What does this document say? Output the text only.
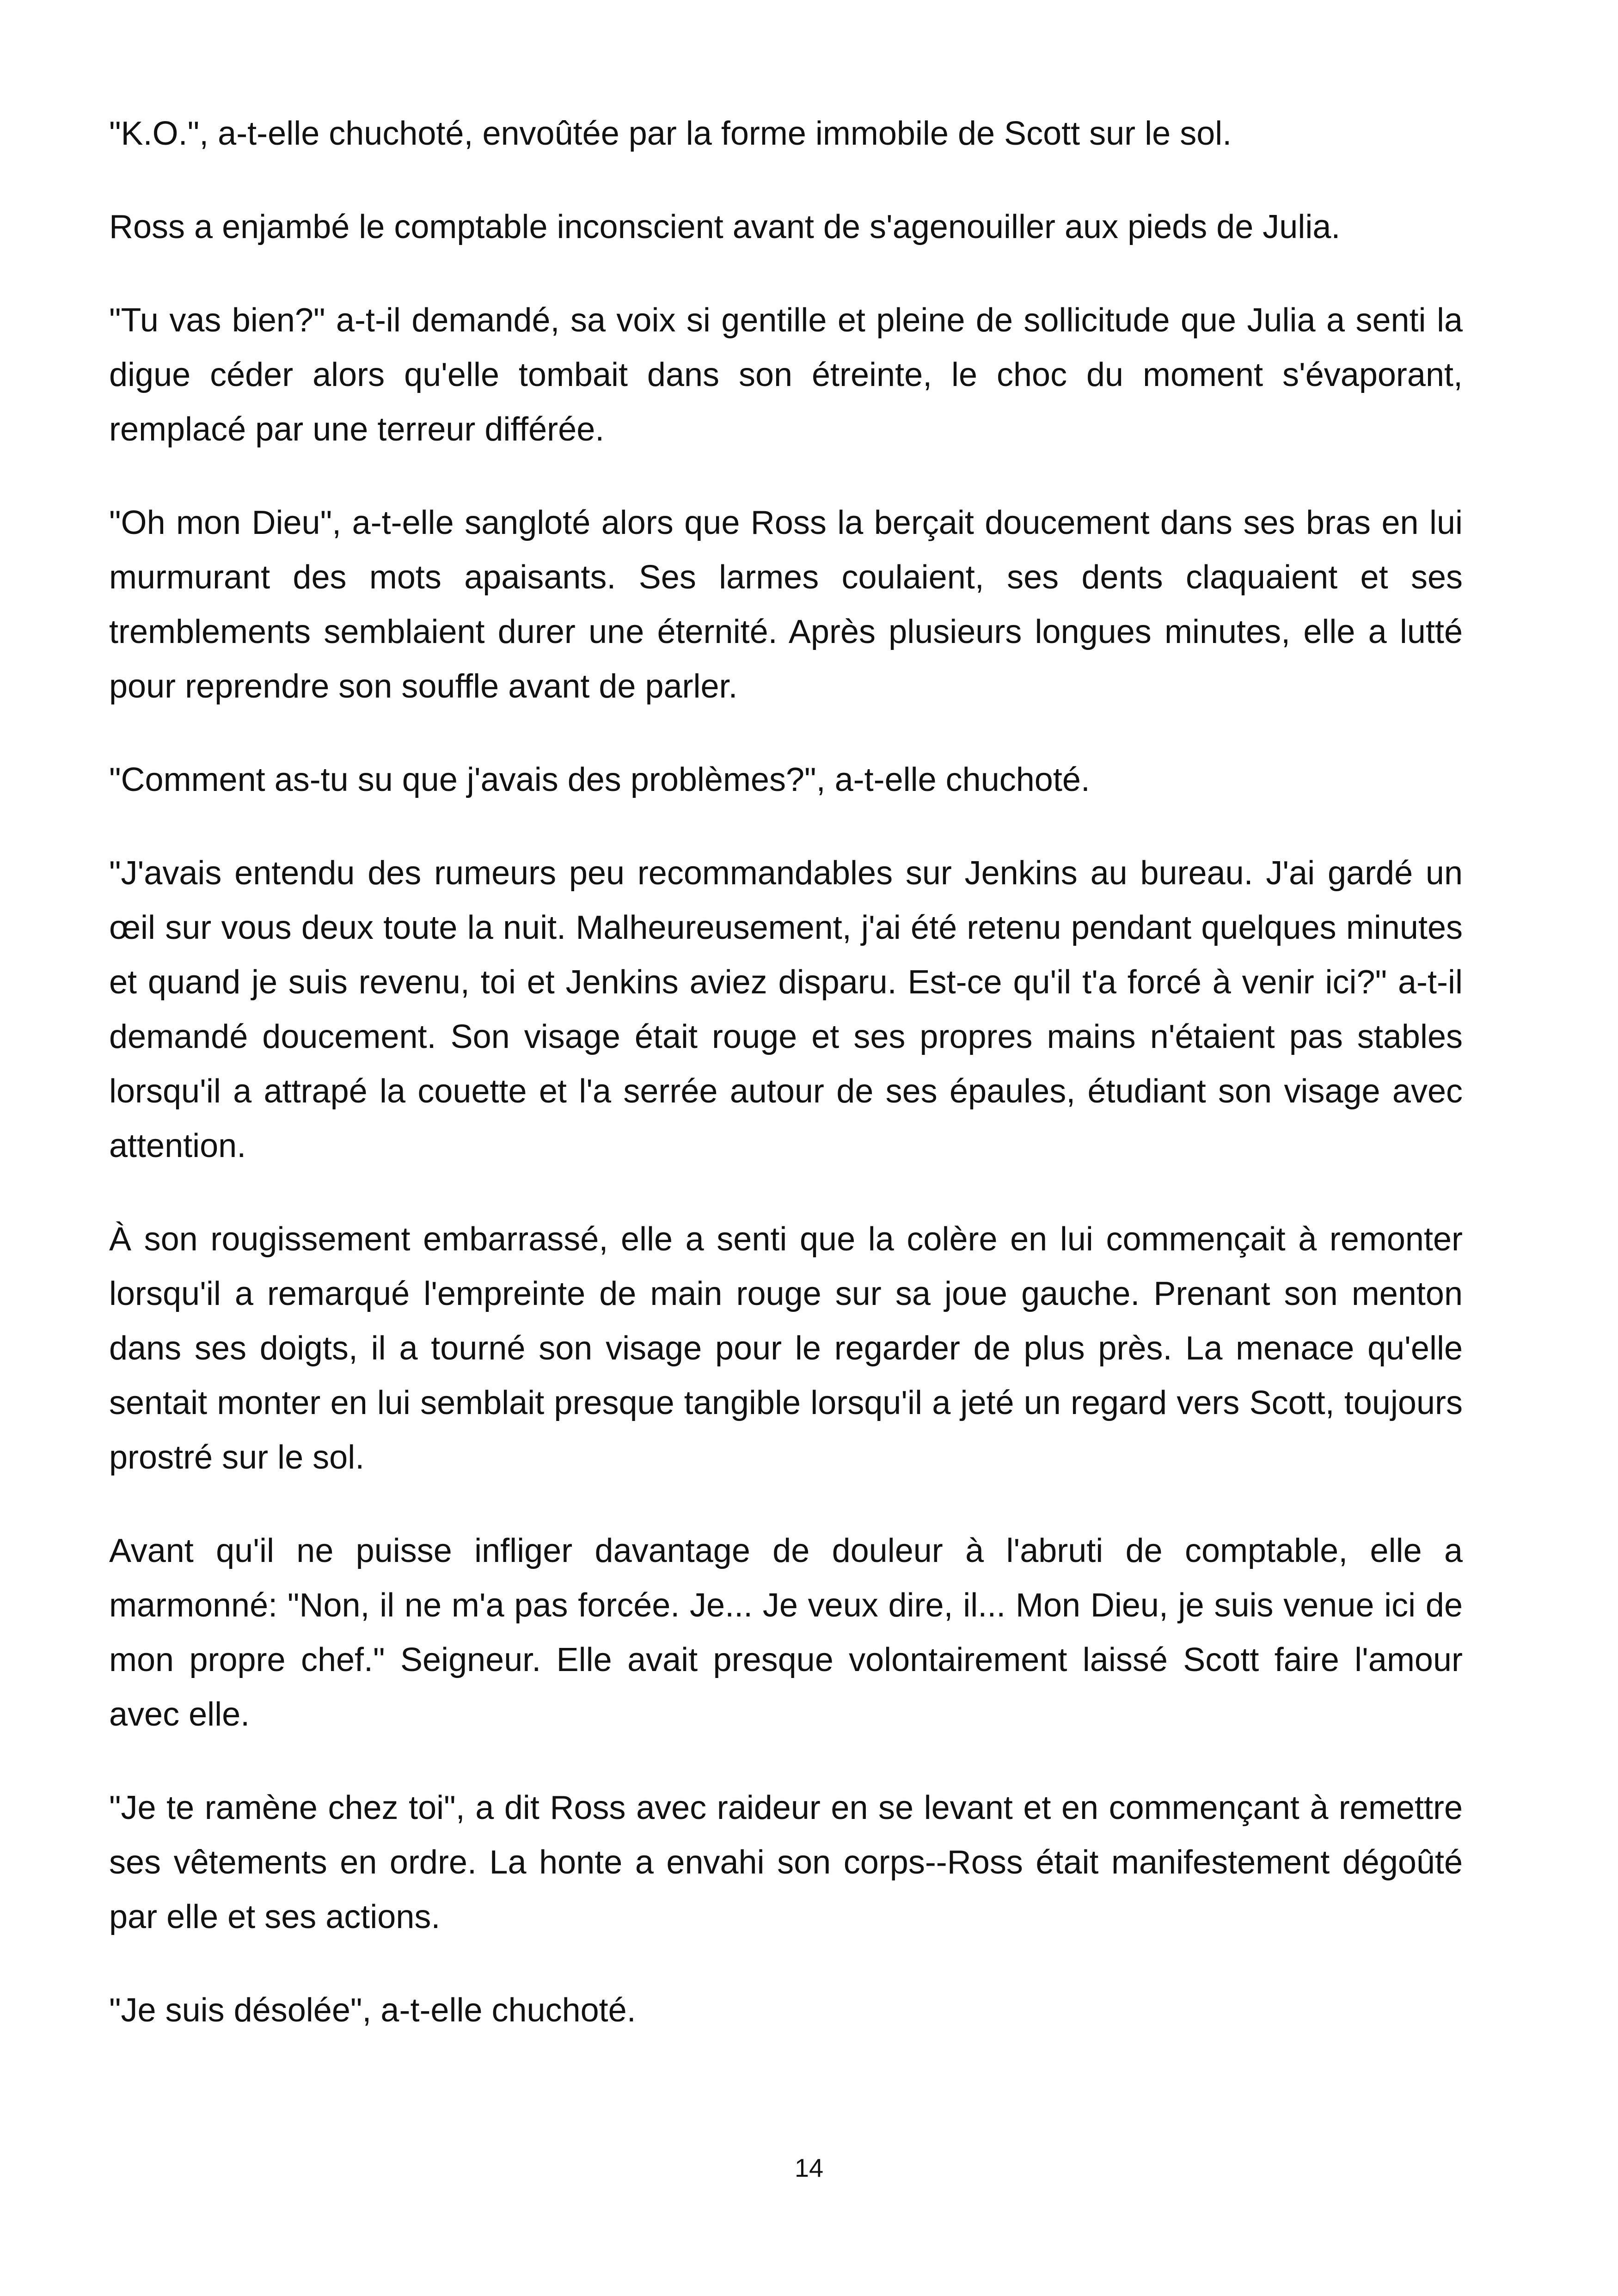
"K.O.", a-t-elle chuchoté, envoûtée par la forme immobile de Scott sur le sol.

Ross a enjambé le comptable inconscient avant de s'agenouiller aux pieds de Julia.

"Tu vas bien?" a-t-il demandé, sa voix si gentille et pleine de sollicitude que Julia a senti la digue céder alors qu'elle tombait dans son étreinte, le choc du moment s'évaporant, remplacé par une terreur différée.

"Oh mon Dieu", a-t-elle sangloté alors que Ross la berçait doucement dans ses bras en lui murmurant des mots apaisants. Ses larmes coulaient, ses dents claquaient et ses tremblements semblaient durer une éternité. Après plusieurs longues minutes, elle a lutté pour reprendre son souffle avant de parler.

"Comment as-tu su que j'avais des problèmes?", a-t-elle chuchoté.

"J'avais entendu des rumeurs peu recommandables sur Jenkins au bureau. J'ai gardé un œil sur vous deux toute la nuit. Malheureusement, j'ai été retenu pendant quelques minutes et quand je suis revenu, toi et Jenkins aviez disparu. Est-ce qu'il t'a forcé à venir ici?" a-t-il demandé doucement. Son visage était rouge et ses propres mains n'étaient pas stables lorsqu'il a attrapé la couette et l'a serrée autour de ses épaules, étudiant son visage avec attention.

À son rougissement embarrassé, elle a senti que la colère en lui commençait à remonter lorsqu'il a remarqué l'empreinte de main rouge sur sa joue gauche. Prenant son menton dans ses doigts, il a tourné son visage pour le regarder de plus près. La menace qu'elle sentait monter en lui semblait presque tangible lorsqu'il a jeté un regard vers Scott, toujours prostré sur le sol.

Avant qu'il ne puisse infliger davantage de douleur à l'abruti de comptable, elle a marmonné: "Non, il ne m'a pas forcée. Je... Je veux dire, il... Mon Dieu, je suis venue ici de mon propre chef." Seigneur. Elle avait presque volontairement laissé Scott faire l'amour avec elle.

"Je te ramène chez toi", a dit Ross avec raideur en se levant et en commençant à remettre ses vêtements en ordre. La honte a envahi son corps--Ross était manifestement dégoûté par elle et ses actions.

"Je suis désolée", a-t-elle chuchoté.

14
